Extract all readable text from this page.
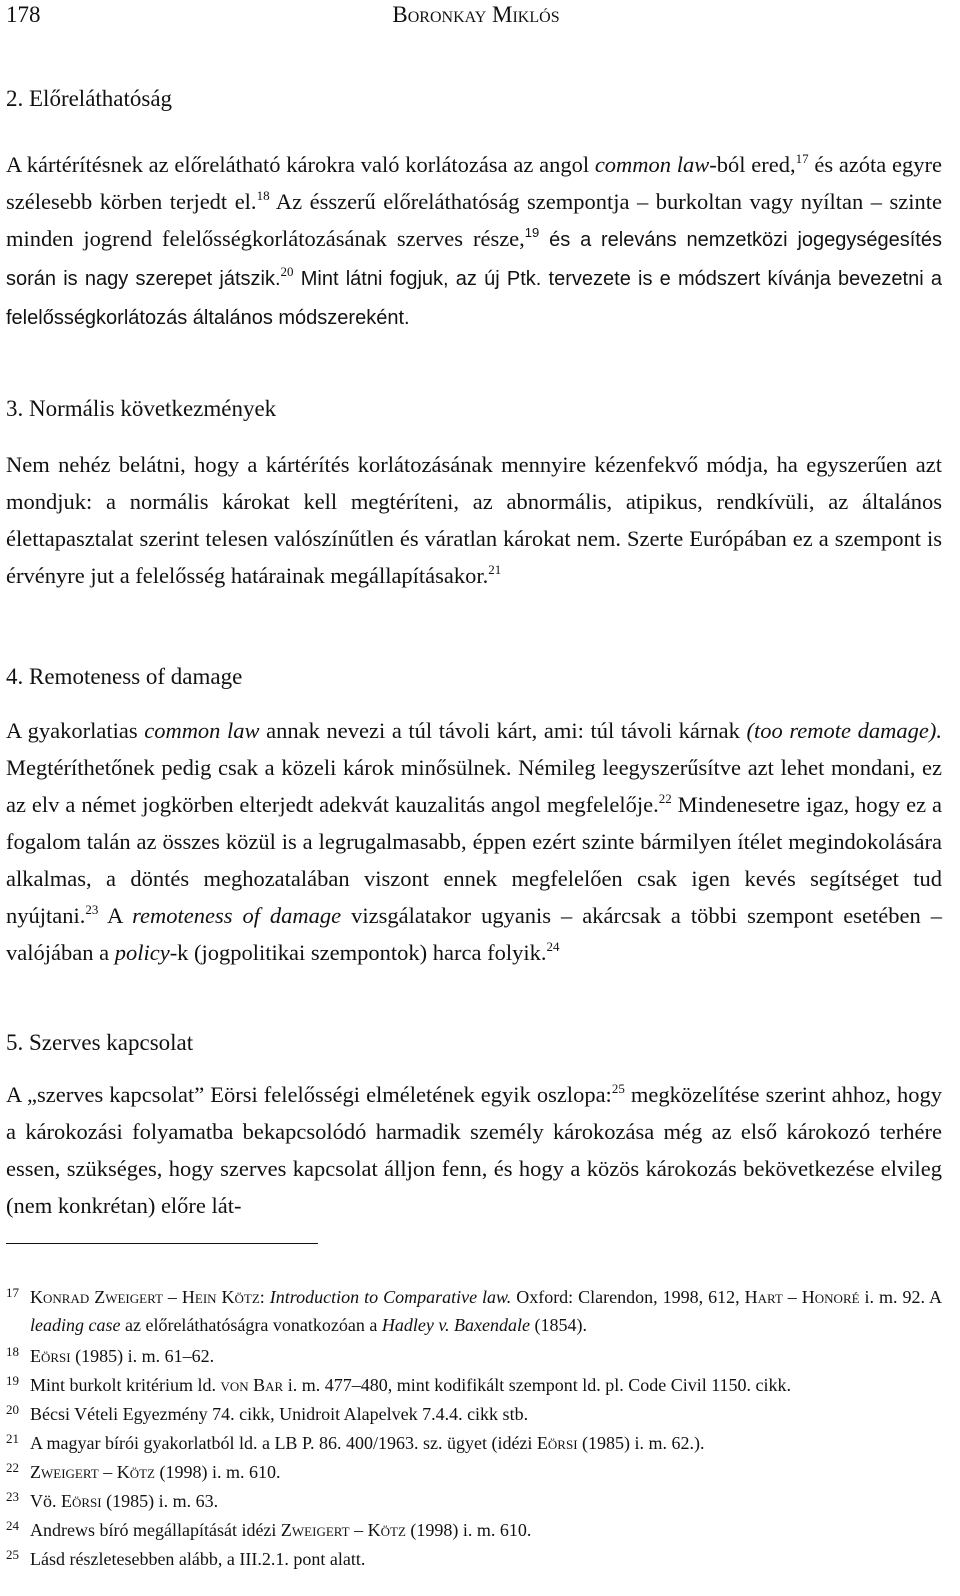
178	Boronkay Miklós
2. Előreláthatóság

A kártérítésnek az előrelátható károkra való korlátozása az angol common law-ból ered,$^{17}$ és azóta egyre szélesebb körben terjedt el.$^{18}$ Az ésszerű előreláthatóság szempontja – burkoltan vagy nyíltan – szinte minden jogrend felelősségkorlátozásának szerves része,$^{19}$ és a releváns nemzetközi jogegységesítés során is nagy szerepet játszik.$^{20}$ Mint látni fogjuk, az új Ptk. tervezete is e módszert kívánja bevezetni a felelősségkorlátozás általános módszereként.

3. Normális következmények

Nem nehéz belátni, hogy a kártérítés korlátozásának mennyire kézenfekvő módja, ha egyszerűen azt mondjuk: a normális károkat kell megtéríteni, az abnormális, atipikus, rendkívüli, az általános élettapasztalat szerint telesen valószínűtlen és váratlan károkat nem. Szerte Európában ez a szempont is érvényre jut a felelősség határainak megállapításakor.$^{21}$

4. Remoteness of damage

A gyakorlatias common law annak nevezi a túl távoli kárt, ami: túl távoli kárnak (too remote damage). Megtéríthetőnek pedig csak a közeli károk minősülnek. Némileg leegyszerűsítve azt lehet mondani, ez az elv a német jogkörben elterjedt adekvát kauzalitás angol megfelelője.$^{22}$ Mindenesetre igaz, hogy ez a fogalom talán az összes közül is a legrugalmasabb, éppen ezért szinte bármilyen ítélet megindokolására alkalmas, a döntés meghozatalában viszont ennek megfelelően csak igen kevés segítséget tud nyújtani.$^{23}$ A remoteness of damage vizsgálatakor ugyanis – akárcsak a többi szempont esetében – valójában a policy-k (jogpolitikai szempontok) harca folyik.$^{24}$

5. Szerves kapcsolat

A „szerves kapcsolat” Eörsi felelősségi elméletének egyik oszlopa:$^{25}$ megközelítése szerint ahhoz, hogy a károkozási folyamatba bekapcsolódó harmadik személy károkozása még az első károkozó terhére essen, szükséges, hogy szerves kapcsolat álljon fenn, és hogy a közös károkozás bekövetkezése elvileg (nem konkrétan) előre lát-

17 Konrad Zweigert – Hein Kötz: Introduction to Comparative law. Oxford: Clarendon, 1998, 612, Hart – Honoré i. m. 92. A leading case az előreláthatóságra vonatkozóan a Hadley v. Baxendale (1854).
18 Eörsi (1985) i. m. 61–62.
19 Mint burkolt kritérium ld. von Bar i. m. 477–480, mint kodifikált szempont ld. pl. Code Civil 1150. cikk.
20 Bécsi Vételi Egyezmény 74. cikk, Unidroit Alapelvek 7.4.4. cikk stb.
21 A magyar bírói gyakorlatból ld. a LB P. 86. 400/1963. sz. ügyet (idézi Eörsi (1985) i. m. 62.).
22 Zweigert – Kötz (1998) i. m. 610.
23 Vö. Eörsi (1985) i. m. 63.
24 Andrews bíró megállapítását idézi Zweigert – Kötz (1998) i. m. 610.
25 Lásd részletesebben alább, a III.2.1. pont alatt.
